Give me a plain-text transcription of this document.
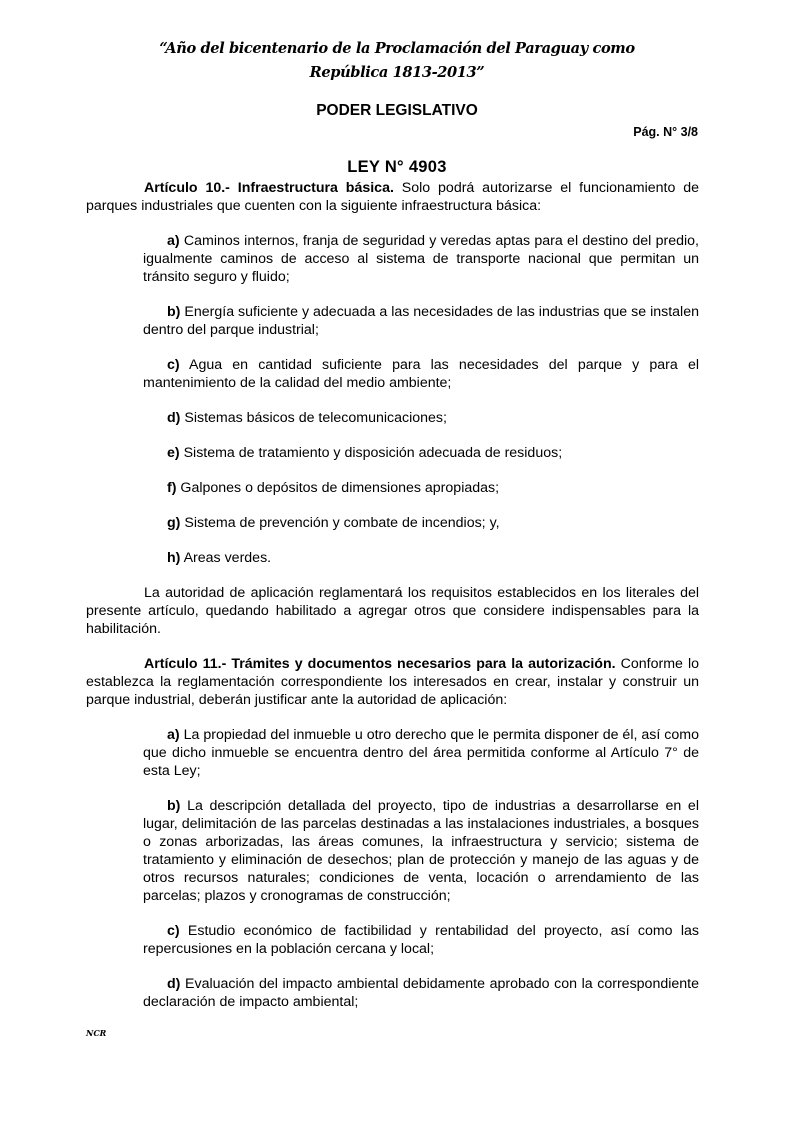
“Año del bicentenario de la Proclamación del Paraguay como República 1813-2013”
PODER LEGISLATIVO
Pág. N° 3/8
LEY N° 4903

Artículo 10.- Infraestructura básica. Solo podrá autorizarse el funcionamiento de parques industriales que cuenten con la siguiente infraestructura básica:

a) Caminos internos, franja de seguridad y veredas aptas para el destino del predio, igualmente caminos de acceso al sistema de transporte nacional que permitan un tránsito seguro y fluido;

b) Energía suficiente y adecuada a las necesidades de las industrias que se instalen dentro del parque industrial;

c) Agua en cantidad suficiente para las necesidades del parque y para el mantenimiento de la calidad del medio ambiente;

d) Sistemas básicos de telecomunicaciones;

e) Sistema de tratamiento y disposición adecuada de residuos;

f) Galpones o depósitos de dimensiones apropiadas;

g) Sistema de prevención y combate de incendios; y,

h) Areas verdes.

La autoridad de aplicación reglamentará los requisitos establecidos en los literales del presente artículo, quedando habilitado a agregar otros que considere indispensables para la habilitación.

Artículo 11.- Trámites y documentos necesarios para la autorización. Conforme lo establezca la reglamentación correspondiente los interesados en crear, instalar y construir un parque industrial, deberán justificar ante la autoridad de aplicación:

a) La propiedad del inmueble u otro derecho que le permita disponer de él, así como que dicho inmueble se encuentra dentro del área permitida conforme al Artículo 7° de esta Ley;

b) La descripción detallada del proyecto, tipo de industrias a desarrollarse en el lugar, delimitación de las parcelas destinadas a las instalaciones industriales, a bosques o zonas arborizadas, las áreas comunes, la infraestructura y servicio; sistema de tratamiento y eliminación de desechos; plan de protección y manejo de las aguas y de otros recursos naturales; condiciones de venta, locación o arrendamiento de las parcelas; plazos y cronogramas de construcción;

c) Estudio económico de factibilidad y rentabilidad del proyecto, así como las repercusiones en la población cercana y local;

d) Evaluación del impacto ambiental debidamente aprobado con la correspondiente declaración de impacto ambiental;

NCR
